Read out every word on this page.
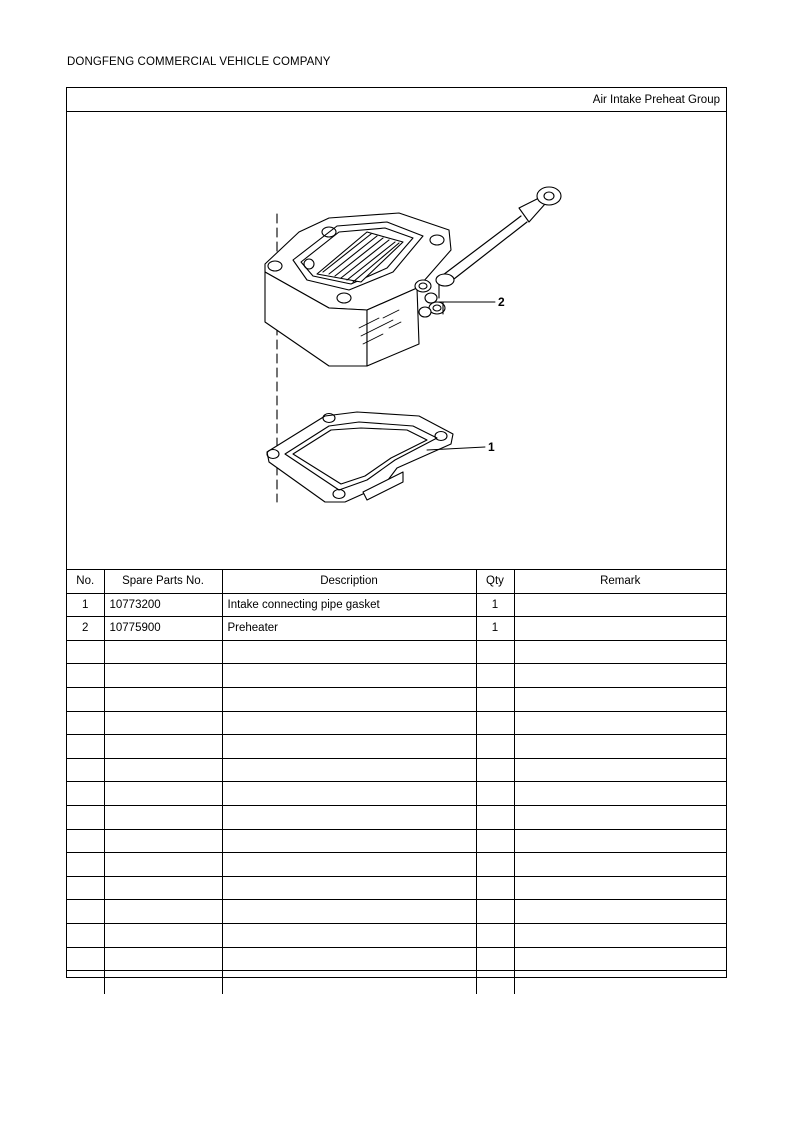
DONGFENG COMMERCIAL VEHICLE COMPANY
Air Intake Preheat Group
2
1
No.	Spare Parts No.	Description	Qty	Remark
1	10773200	Intake connecting pipe gasket	1	
2	10775900	Preheater	1	
